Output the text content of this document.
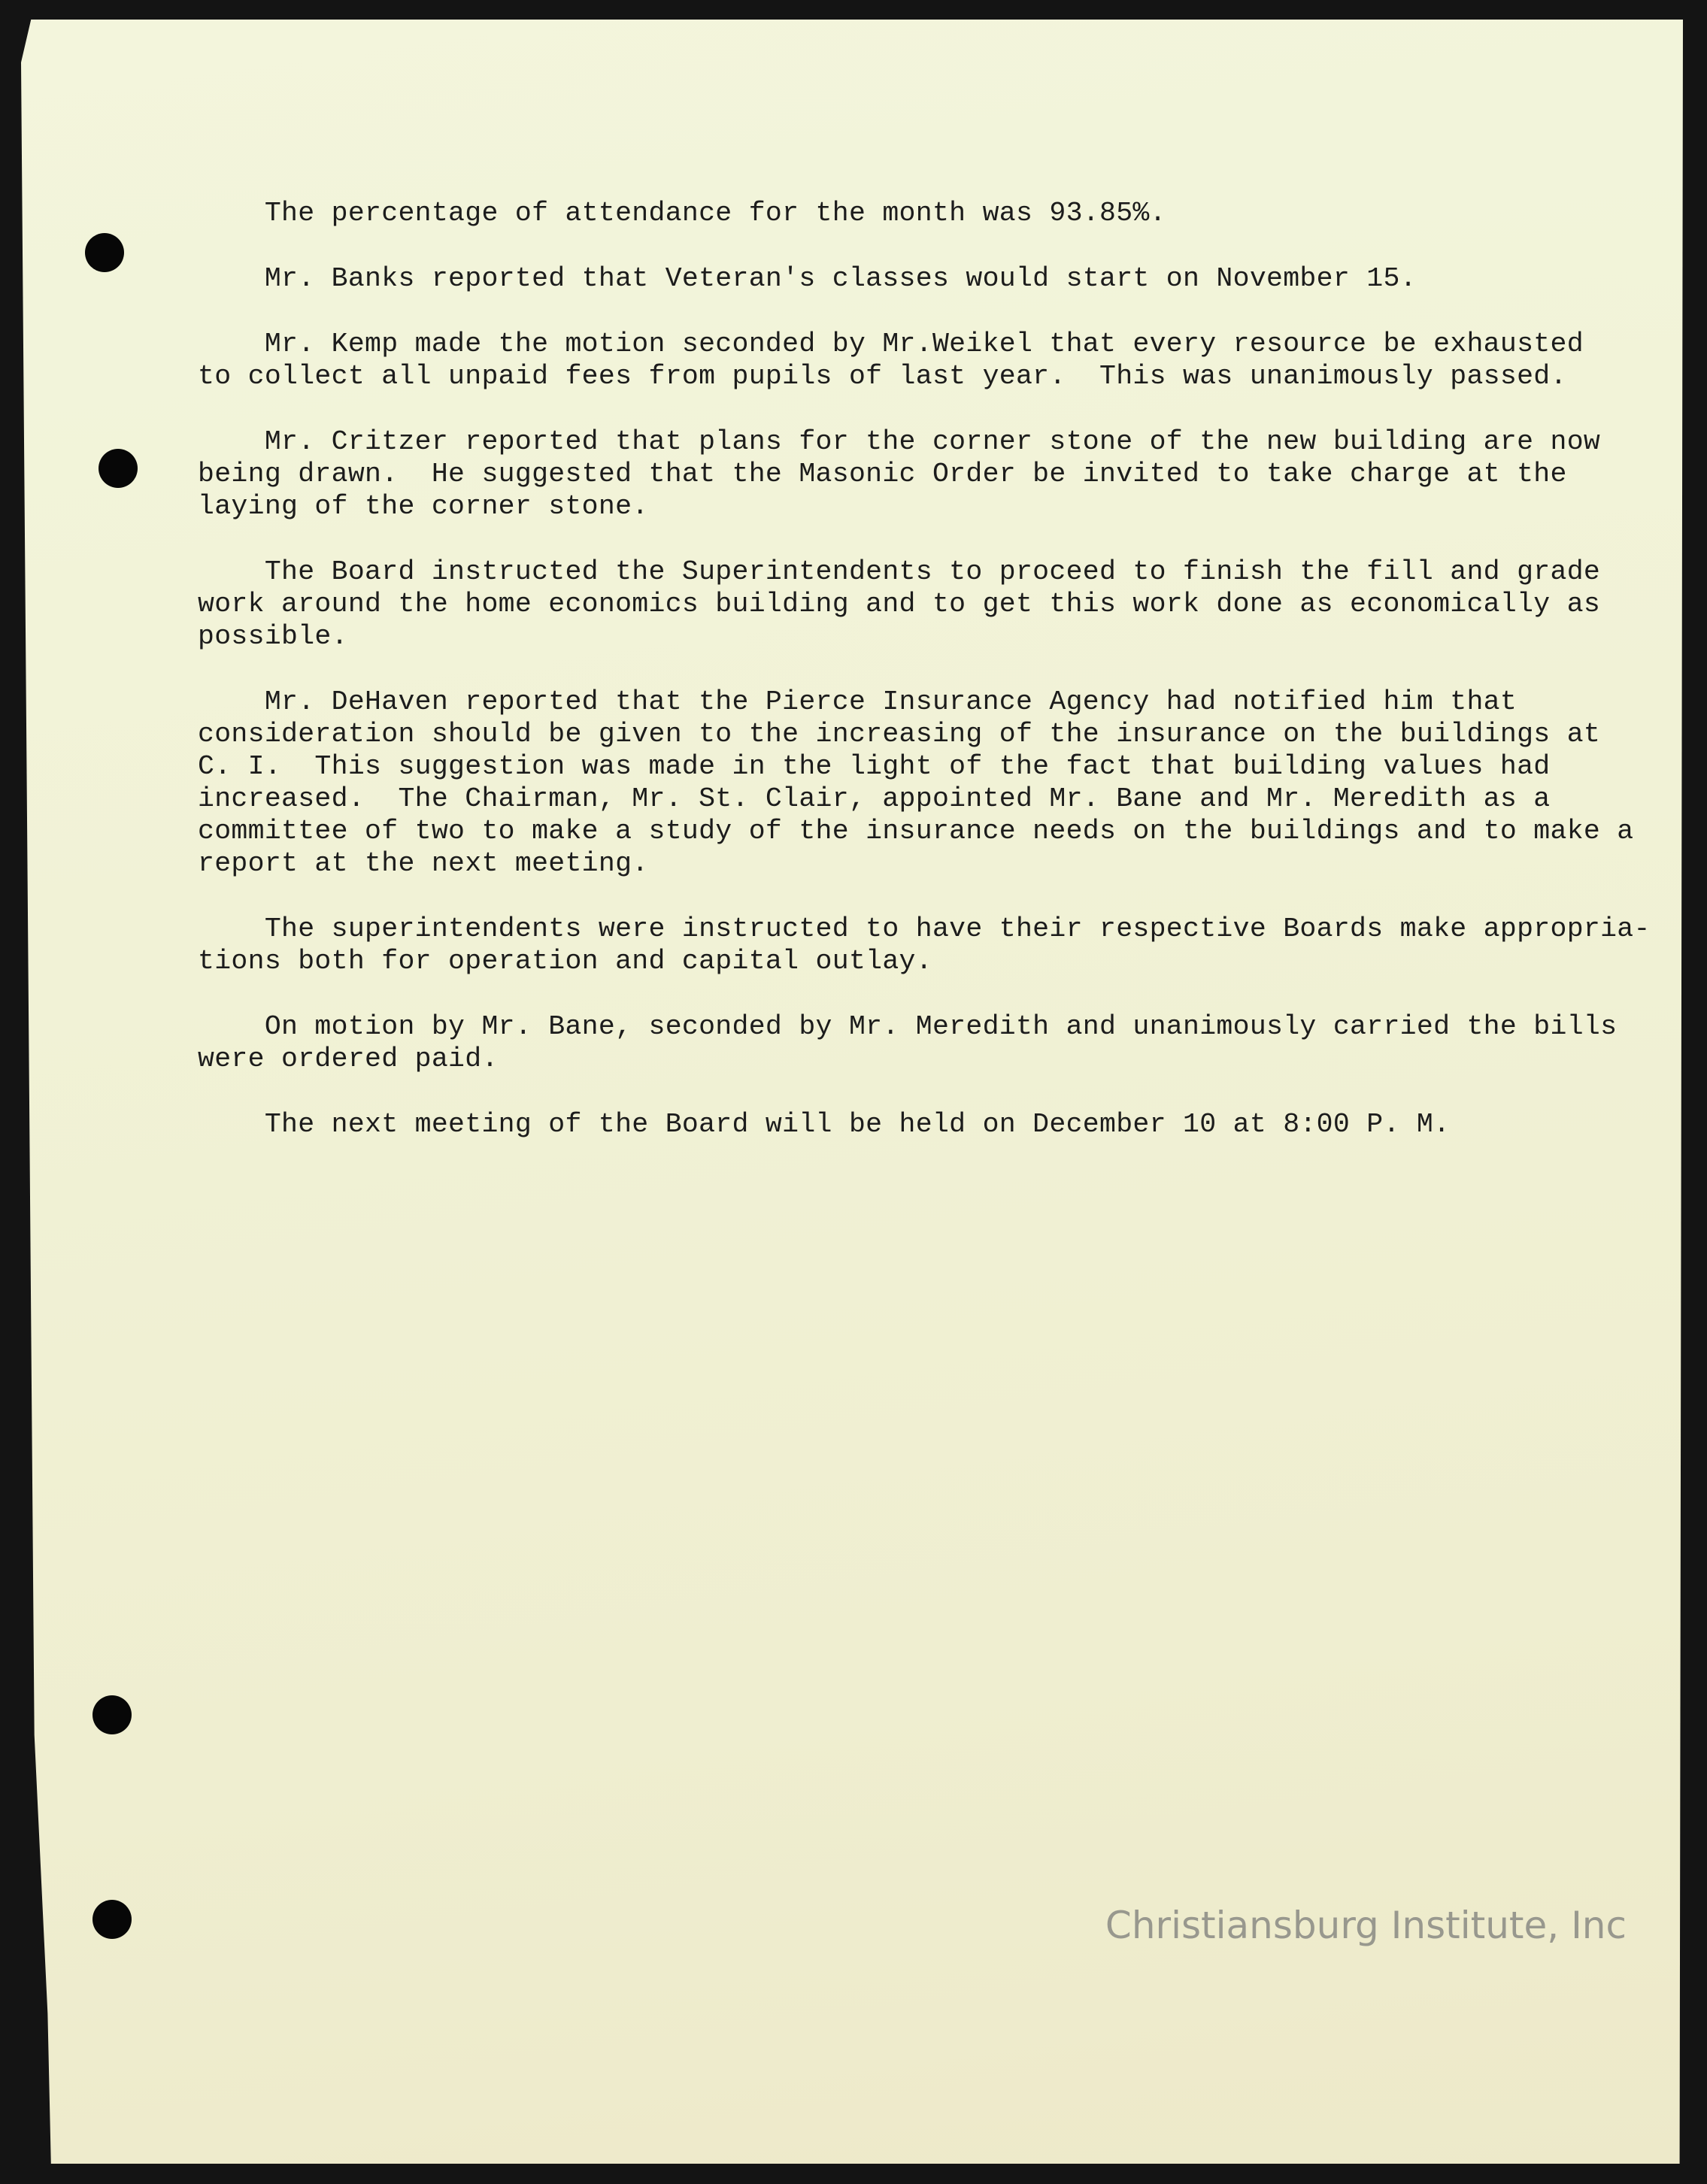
The percentage of attendance for the month was 93.85%.

Mr. Banks reported that Veteran's classes would start on November 15.

Mr. Kemp made the motion seconded by Mr.Weikel that every resource be exhausted
to collect all unpaid fees from pupils of last year.  This was unanimously passed.

Mr. Critzer reported that plans for the corner stone of the new building are now
being drawn.  He suggested that the Masonic Order be invited to take charge at the
laying of the corner stone.

The Board instructed the Superintendents to proceed to finish the fill and grade
work around the home economics building and to get this work done as economically as
possible.

Mr. DeHaven reported that the Pierce Insurance Agency had notified him that
consideration should be given to the increasing of the insurance on the buildings at
C. I.  This suggestion was made in the light of the fact that building values had
increased.  The Chairman, Mr. St. Clair, appointed Mr. Bane and Mr. Meredith as a
committee of two to make a study of the insurance needs on the buildings and to make a
report at the next meeting.

The superintendents were instructed to have their respective Boards make appropria-
tions both for operation and capital outlay.

On motion by Mr. Bane, seconded by Mr. Meredith and unanimously carried the bills
were ordered paid.

The next meeting of the Board will be held on December 10 at 8:00 P. M.

Christiansburg Institute, Inc
